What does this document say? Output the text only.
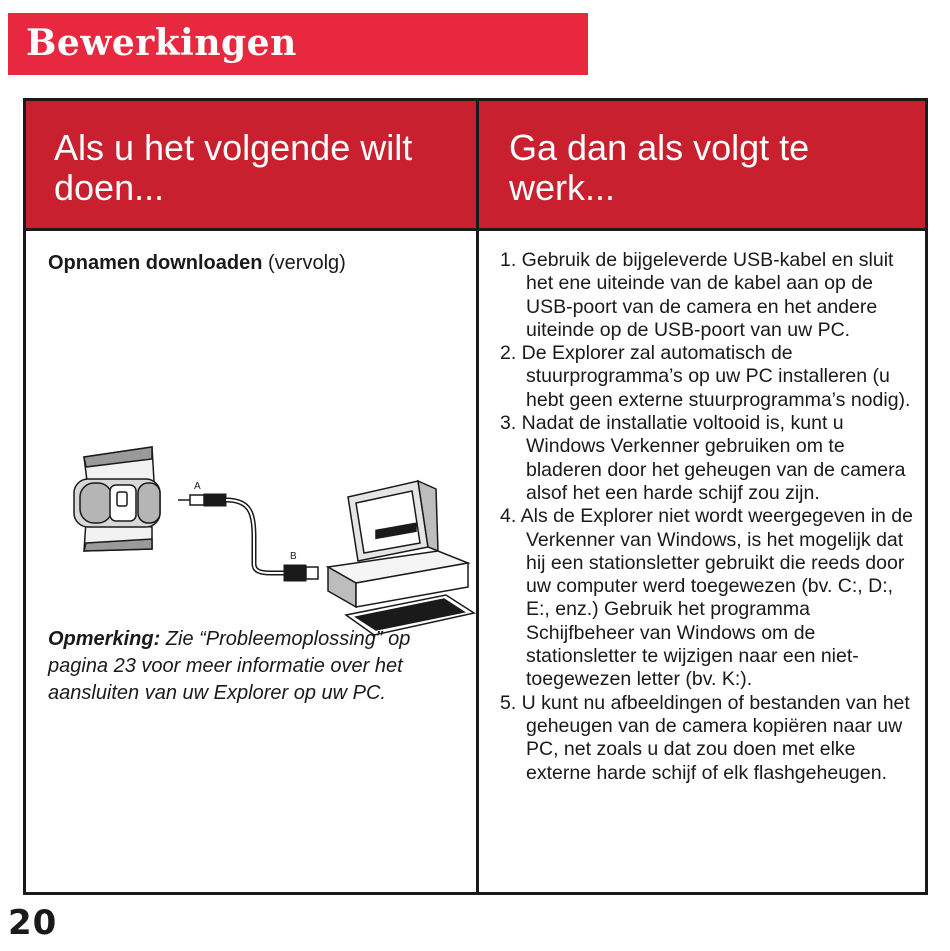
Bewerkingen
Als u het volgende wilt doen...
Ga dan als volgt te werk...
Opnamen downloaden (vervolg)
A
B
Opmerking: Zie “Probleemoplossing” op pagina 23 voor meer informatie over het aansluiten van uw Explorer op uw PC.
1. Gebruik de bijgeleverde USB-kabel en sluit het ene uiteinde van de kabel aan op de USB-poort van de camera en het andere uiteinde op de USB-poort van uw PC.
2. De Explorer zal automatisch de stuurprogramma’s op uw PC installeren (u hebt geen externe stuurprogramma’s nodig).
3. Nadat de installatie voltooid is, kunt u Windows Verkenner gebruiken om te bladeren door het geheugen van de camera alsof het een harde schijf zou zijn.
4. Als de Explorer niet wordt weergegeven in de Verkenner van Windows, is het mogelijk dat hij een stationsletter gebruikt die reeds door uw computer werd toegewezen (bv. C:, D:, E:, enz.) Gebruik het programma Schijfbeheer van Windows om de stationsletter te wijzigen naar een niet-toegewezen letter (bv. K:).
5. U kunt nu afbeeldingen of bestanden van het geheugen van de camera kopiëren naar uw PC, net zoals u dat zou doen met elke externe harde schijf of elk flashgeheugen.
20
